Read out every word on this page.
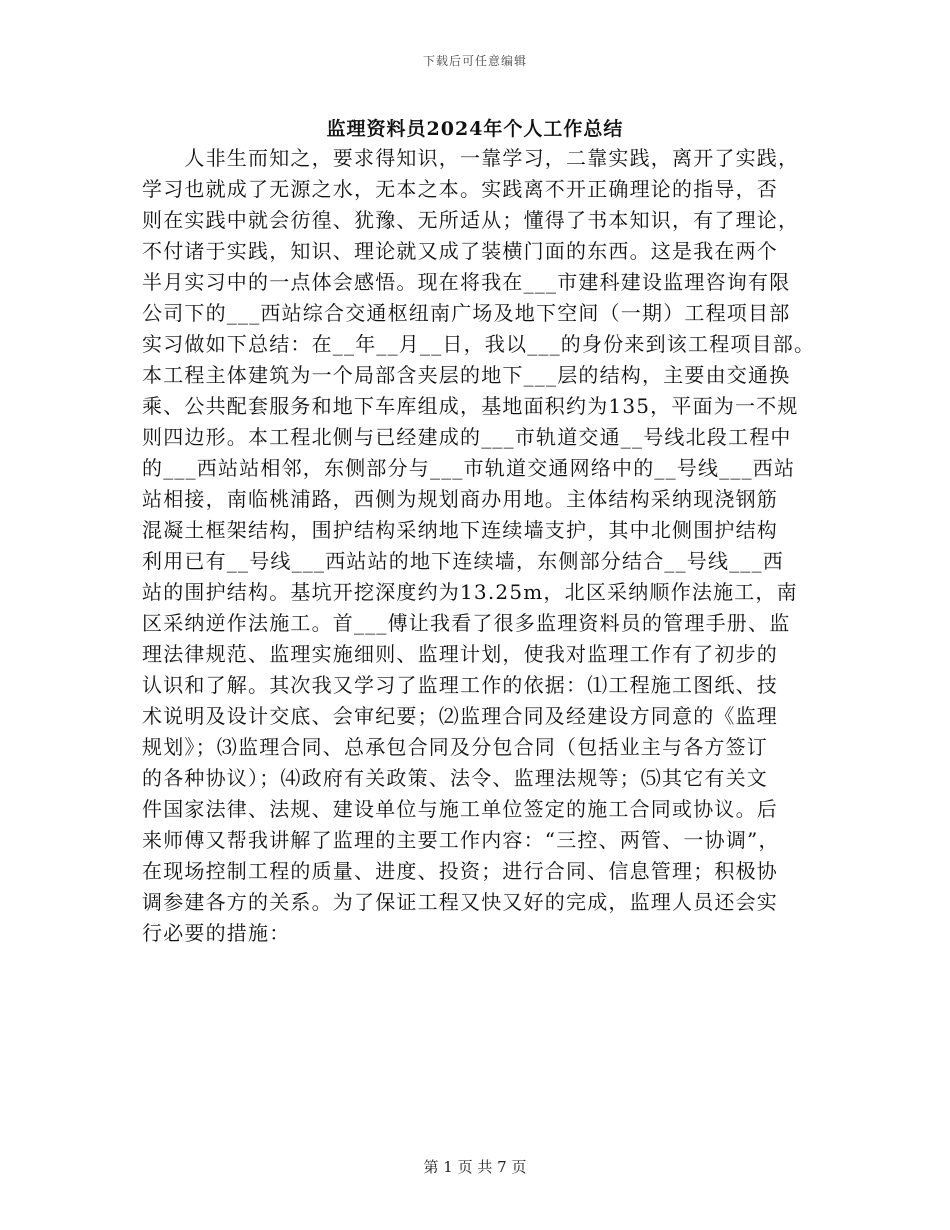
下载后可任意编辑
监理资料员2024年个人工作总结
　　人非生而知之，要求得知识，一靠学习，二靠实践，离开了实践，
学习也就成了无源之水，无本之本。实践离不开正确理论的指导，否
则在实践中就会彷徨、犹豫、无所适从；懂得了书本知识，有了理论，
不付诸于实践，知识、理论就又成了装横门面的东西。这是我在两个
半月实习中的一点体会感悟。现在将我在___市建科建设监理咨询有限
公司下的___西站综合交通枢纽南广场及地下空间（一期）工程项目部
实习做如下总结：在__年__月__日，我以___的身份来到该工程项目部。
本工程主体建筑为一个局部含夹层的地下___层的结构，主要由交通换
乘、公共配套服务和地下车库组成，基地面积约为135，平面为一不规
则四边形。本工程北侧与已经建成的___市轨道交通__号线北段工程中
的___西站站相邻，东侧部分与___市轨道交通网络中的__号线___西站
站相接，南临桃浦路，西侧为规划商办用地。主体结构采纳现浇钢筋
混凝土框架结构，围护结构采纳地下连续墙支护，其中北侧围护结构
利用已有__号线___西站站的地下连续墙，东侧部分结合__号线___西
站的围护结构。基坑开挖深度约为13.25m，北区采纳顺作法施工，南
区采纳逆作法施工。首___傅让我看了很多监理资料员的管理手册、监
理法律规范、监理实施细则、监理计划，使我对监理工作有了初步的
认识和了解。其次我又学习了监理工作的依据：⑴工程施工图纸、技
术说明及设计交底、会审纪要；⑵监理合同及经建设方同意的《监理
规划》；⑶监理合同、总承包合同及分包合同（包括业主与各方签订
的各种协议）；⑷政府有关政策、法令、监理法规等；⑸其它有关文
件国家法律、法规、建设单位与施工单位签定的施工合同或协议。后
来师傅又帮我讲解了监理的主要工作内容：“三控、两管、一协调”，
在现场控制工程的质量、进度、投资；进行合同、信息管理；积极协
调参建各方的关系。为了保证工程又快又好的完成，监理人员还会实
行必要的措施：
第 1 页 共 7 页
